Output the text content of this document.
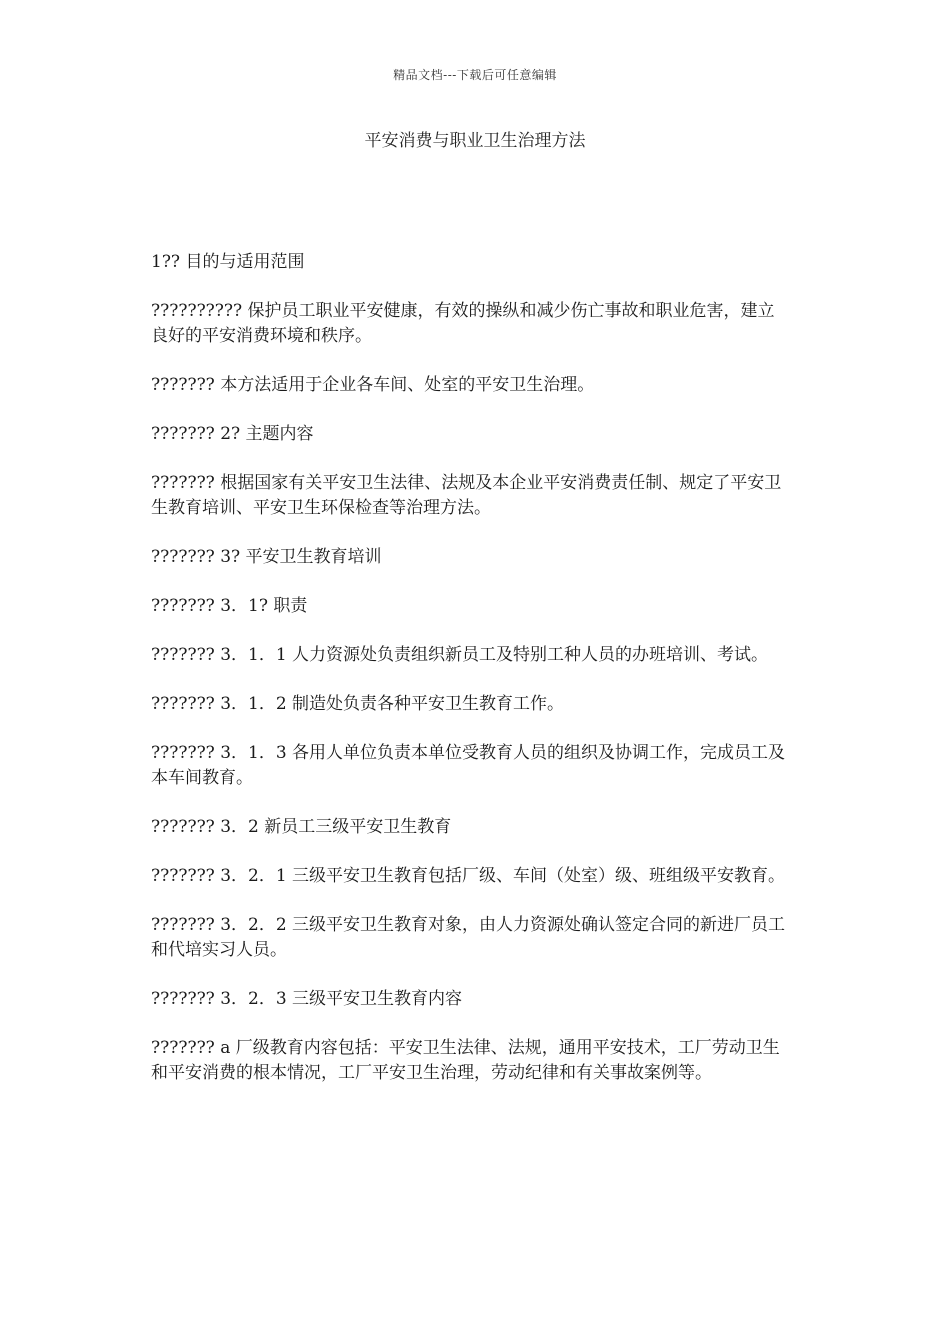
精品文档---下载后可任意编辑
平安消费与职业卫生治理方法

1?? 目的与适用范围

?????????? 保护员工职业平安健康，有效的操纵和减少伤亡事故和职业危害，建立良好的平安消费环境和秩序。

??????? 本方法适用于企业各车间、处室的平安卫生治理。

??????? 2? 主题内容

??????? 根据国家有关平安卫生法律、法规及本企业平安消费责任制、规定了平安卫生教育培训、平安卫生环保检查等治理方法。

??????? 3? 平安卫生教育培训

??????? 3．1? 职责

??????? 3．1．1 人力资源处负责组织新员工及特别工种人员的办班培训、考试。

??????? 3．1．2 制造处负责各种平安卫生教育工作。

??????? 3．1．3 各用人单位负责本单位受教育人员的组织及协调工作，完成员工及本车间教育。

??????? 3．2 新员工三级平安卫生教育

??????? 3．2．1 三级平安卫生教育包括厂级、车间（处室）级、班组级平安教育。

??????? 3．2．2 三级平安卫生教育对象，由人力资源处确认签定合同的新进厂员工和代培实习人员。

??????? 3．2．3 三级平安卫生教育内容

??????? a 厂级教育内容包括：平安卫生法律、法规，通用平安技术，工厂劳动卫生和平安消费的根本情况，工厂平安卫生治理，劳动纪律和有关事故案例等。
